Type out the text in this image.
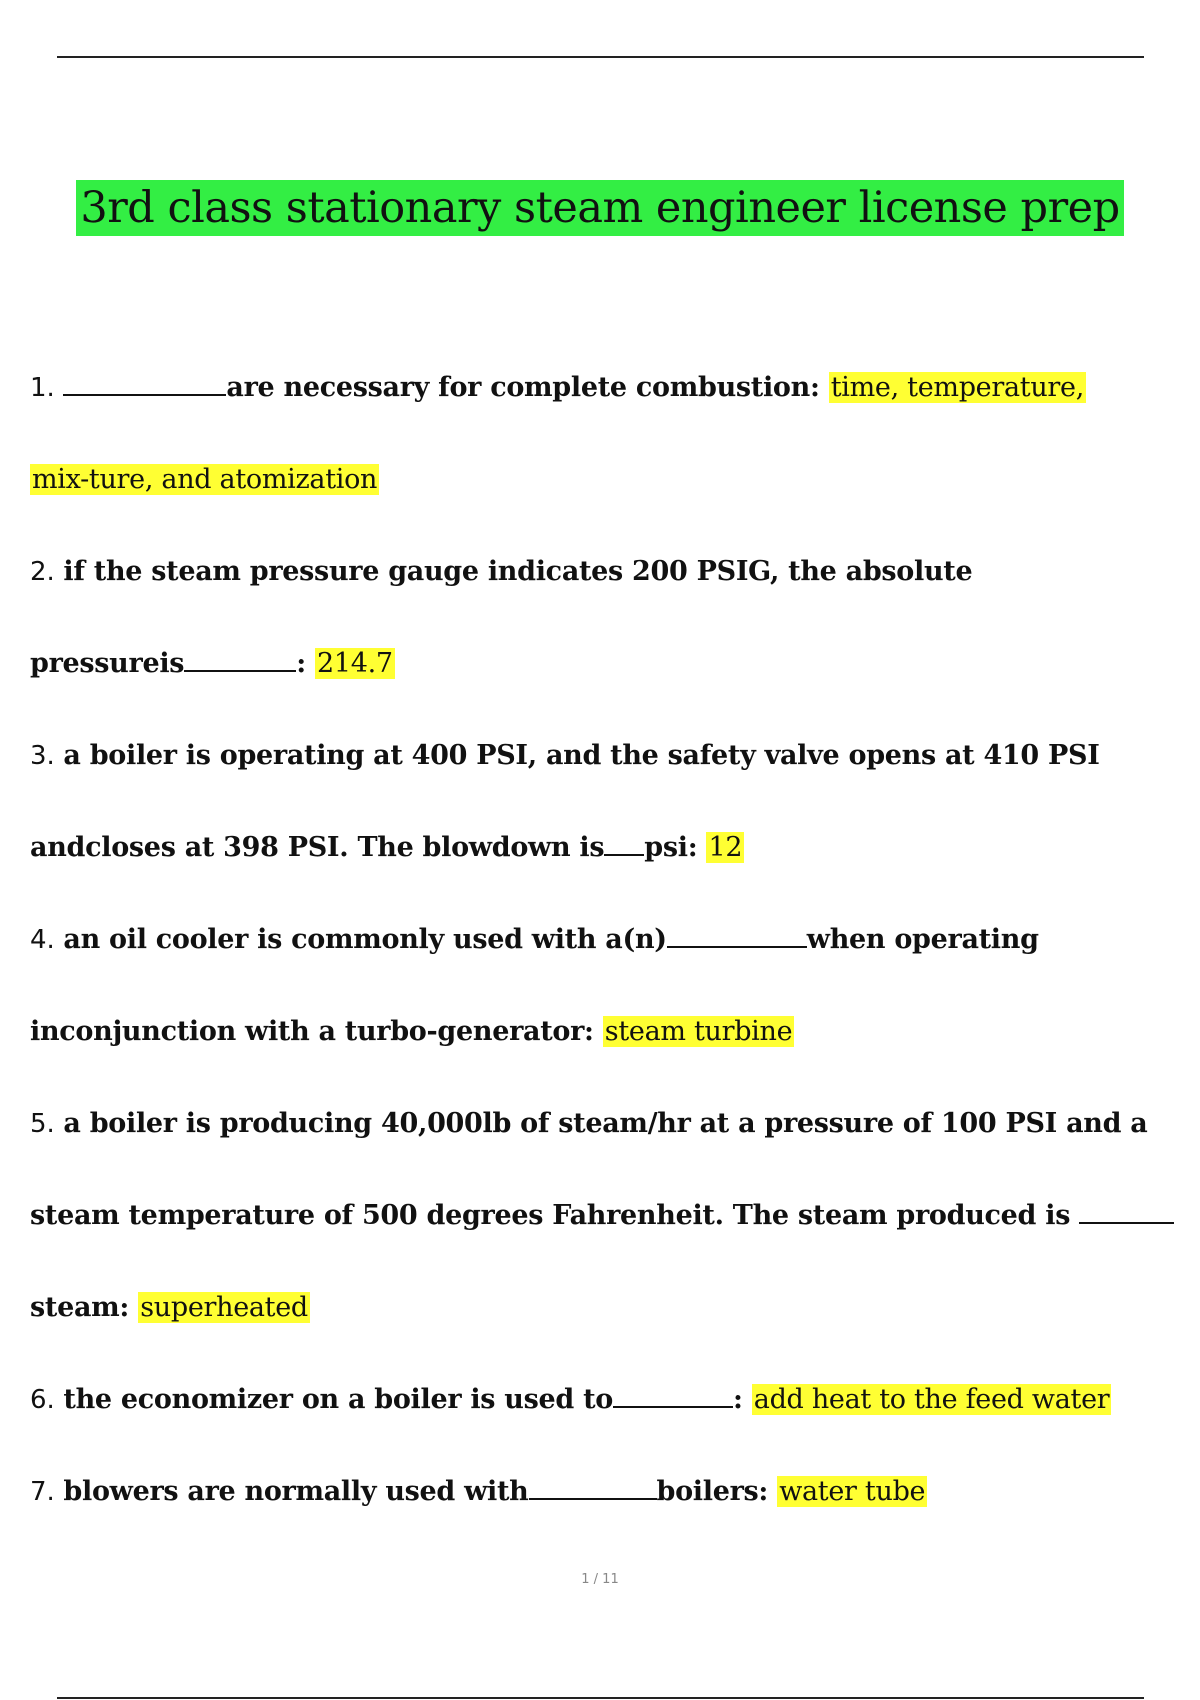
3rd class stationary steam engineer license prep
1.	are necessary for complete combustion: time, temperature,
mix-ture, and atomization
2. if the steam pressure gauge indicates 200 PSIG, the absolute
pressureis	: 214.7
3. a boiler is operating at 400 PSI, and the safety valve opens at 410 PSI
andcloses at 398 PSI. The blowdown is psi: 12
4. an oil cooler is commonly used with a(n)	when operating
inconjunction with a turbo-generator: steam turbine
5. a boiler is producing 40,000lb of steam/hr at a pressure of 100 PSI and a
steam temperature of 500 degrees Fahrenheit. The steam produced is
steam: superheated
6. the economizer on a boiler is used to	: add heat to the feed water
7. blowers are normally used with	boilers: water tube
1 / 11
